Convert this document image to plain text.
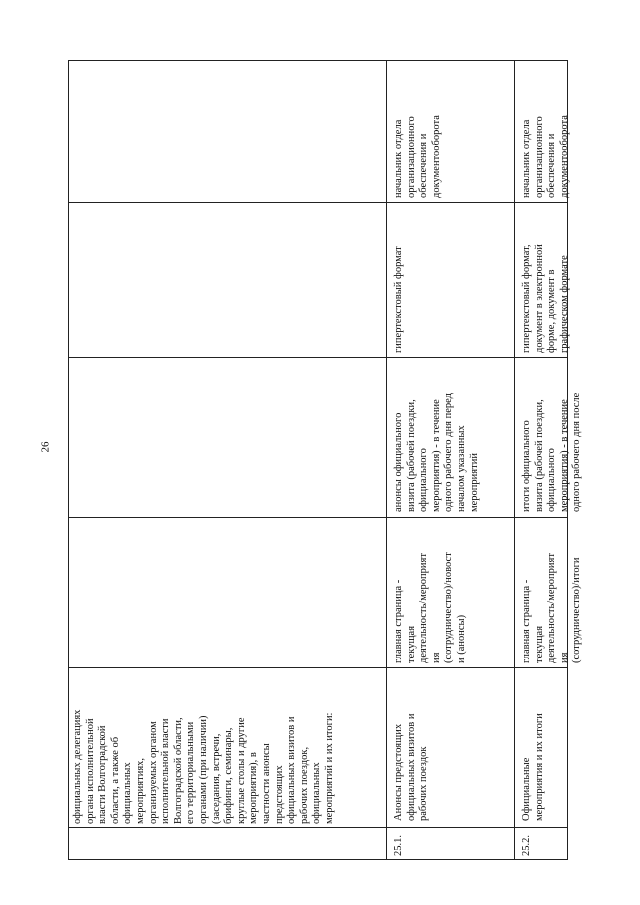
26
официальных делегациях органа исполнительной власти Волгоградской области, а также об официальных мероприятиях, организуемых органом исполнительной власти Волгоградской области, его территориальными органами (при наличии) (заседания, встречи, брифинги, семинары, круглые столы и другие мероприятия), в частности анонсы предстоящих официальных визитов и рабочих поездок, официальных мероприятий и их итоги:
25.1.
Анонсы предстоящих официальных визитов и рабочих поездок
главная страница - текущая деятельность/мероприят ия (сотрудничество)/новост и (анонсы)
анонсы официального визита (рабочей поездки, официального мероприятия) - в течение одного рабочего дня перед началом указанных мероприятий
гипертекстовый формат
начальник отдела организационного обеспечения и документооборота
25.2.
Официальные мероприятия и их итоги
главная страница - текущая деятельность/мероприят ия (сотрудничество)/итоги
итоги официального визита (рабочей поездки, официального мероприятия) - в течение одного рабочего дня после
гипертекстовый формат, документ в электронной форме, документ в графическом формате
начальник отдела организационного обеспечения и документооборота
